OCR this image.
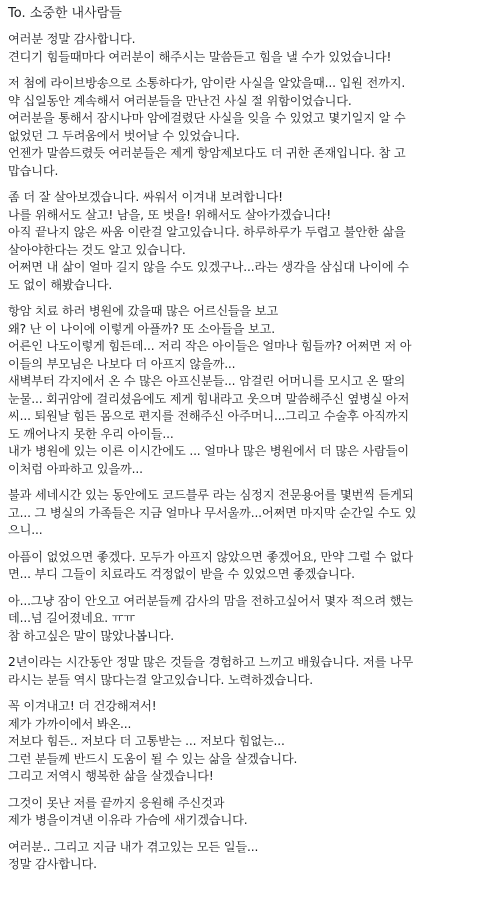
To. 소중한 내사람들
여러분 정말 감사합니다.
견디기 힘들때마다 여러분이 해주시는 말씀듣고 힘을 낼 수가 있었습니다!
저 첨에 라이브방송으로 소통하다가, 암이란 사실을 알았을때... 입원 전까지.
약 십일동안 계속해서 여러분들을 만난건 사실 절 위함이었습니다.
여러분을 통해서 잠시나마 암에걸렸단 사실을 잊을 수 있었고 몇기일지 알 수
없었던 그 두려움에서 벗어날 수 있었습니다.
언젠가 말씀드렸듯 여러분들은 제게 항암제보다도 더 귀한 존재입니다. 참 고
맙습니다.
좀 더 잘 살아보겠습니다. 싸워서 이겨내 보려합니다!
나를 위해서도 살고! 남을, 또 벗을! 위해서도 살아가겠습니다!
아직 끝나지 않은 싸움 이란걸 알고있습니다. 하루하루가 두렵고 불안한 삶을
살아야한다는 것도 알고 있습니다.
어쩌면 내 삶이 얼마 길지 않을 수도 있겠구나...라는 생각을 삼십대 나이에 수
도 없이 해봤습니다.
항암 치료 하러 병원에 갔을때 많은 어르신들을 보고
왜? 난 이 나이에 이렇게 아플까? 또 소아들을 보고.
어른인 나도이렇게 힘든데... 저리 작은 아이들은 얼마나 힘들까? 어쩌면 저 아
이들의 부모님은 나보다 더 아프지 않을까...
새벽부터 각지에서 온 수 많은 아프신분들... 암걸린 어머니를 모시고 온 딸의
눈물... 회귀암에 걸리셨음에도 제게 힘내라고 웃으며 말씀해주신 옆병실 아저
씨... 퇴원날 힘든 몸으로 편지를 전해주신 아주머니...그리고 수술후 아직까지
도 깨어나지 못한 우리 아이들...
내가 병원에 있는 이른 이시간에도 ... 얼마나 많은 병원에서 더 많은 사람들이
이처럼 아파하고 있을까...
불과 세네시간 있는 동안에도 코드블루 라는 심정지 전문용어를 몇번씩 듣게되
고... 그 병실의 가족들은 지금 얼마나 무서울까...어쩌면 마지막 순간일 수도 있
으니...
아픔이 없었으면 좋겠다. 모두가 아프지 않았으면 좋겠어요, 만약 그럴 수 없다
면... 부디 그들이 치료라도 걱정없이 받을 수 있었으면 좋겠습니다.
아...그냥 잠이 안오고 여러분들께 감사의 맘을 전하고싶어서 몇자 적으려 했는
데...넘 길어졌네요. ㅠㅠ
참 하고싶은 말이 많았나봅니다.
2년이라는 시간동안 정말 많은 것들을 경험하고 느끼고 배웠습니다. 저를 나무
라시는 분들 역시 많다는걸 알고있습니다. 노력하겠습니다.
꼭 이겨내고! 더 건강해져서!
제가 가까이에서 봐온...
저보다 힘든.. 저보다 더 고통받는 ... 저보다 힘없는...
그런 분들께 반드시 도움이 될 수 있는 삶을 살겠습니다.
그리고 저역시 행복한 삶을 살겠습니다!
그것이 못난 저를 끝까지 응원해 주신것과
제가 병을이겨낸 이유라 가슴에 새기겠습니다.
여러분.. 그리고 지금 내가 겪고있는 모든 일들...
정말 감사합니다.
